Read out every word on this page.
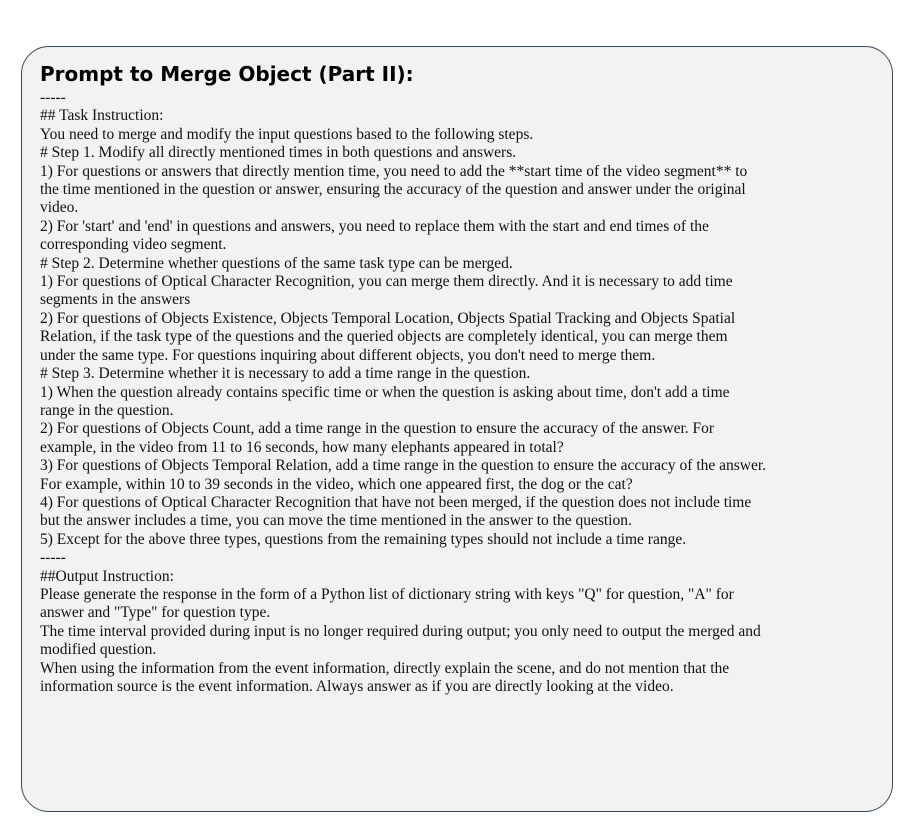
Prompt to Merge Object (Part II):
-----
## Task Instruction:
You need to merge and modify the input questions based to the following steps.
# Step 1. Modify all directly mentioned times in both questions and answers.
1) For questions or answers that directly mention time, you need to add the **start time of the video segment** to
the time mentioned in the question or answer, ensuring the accuracy of the question and answer under the original
video.
2) For 'start' and 'end' in questions and answers, you need to replace them with the start and end times of the
corresponding video segment.
# Step 2. Determine whether questions of the same task type can be merged.
1) For questions of Optical Character Recognition, you can merge them directly. And it is necessary to add time
segments in the answers
2) For questions of Objects Existence, Objects Temporal Location, Objects Spatial Tracking and Objects Spatial
Relation, if the task type of the questions and the queried objects are completely identical, you can merge them
under the same type. For questions inquiring about different objects, you don't need to merge them.
# Step 3. Determine whether it is necessary to add a time range in the question.
1) When the question already contains specific time or when the question is asking about time, don't add a time
range in the question.
2) For questions of Objects Count, add a time range in the question to ensure the accuracy of the answer. For
example, in the video from 11 to 16 seconds, how many elephants appeared in total?
3) For questions of Objects Temporal Relation, add a time range in the question to ensure the accuracy of the answer.
For example, within 10 to 39 seconds in the video, which one appeared first, the dog or the cat?
4) For questions of Optical Character Recognition that have not been merged, if the question does not include time
but the answer includes a time, you can move the time mentioned in the answer to the question.
5) Except for the above three types, questions from the remaining types should not include a time range.
-----
##Output Instruction:
Please generate the response in the form of a Python list of dictionary string with keys "Q" for question, "A" for
answer and "Type" for question type.
The time interval provided during input is no longer required during output; you only need to output the merged and
modified question.
When using the information from the event information, directly explain the scene, and do not mention that the
information source is the event information. Always answer as if you are directly looking at the video.
